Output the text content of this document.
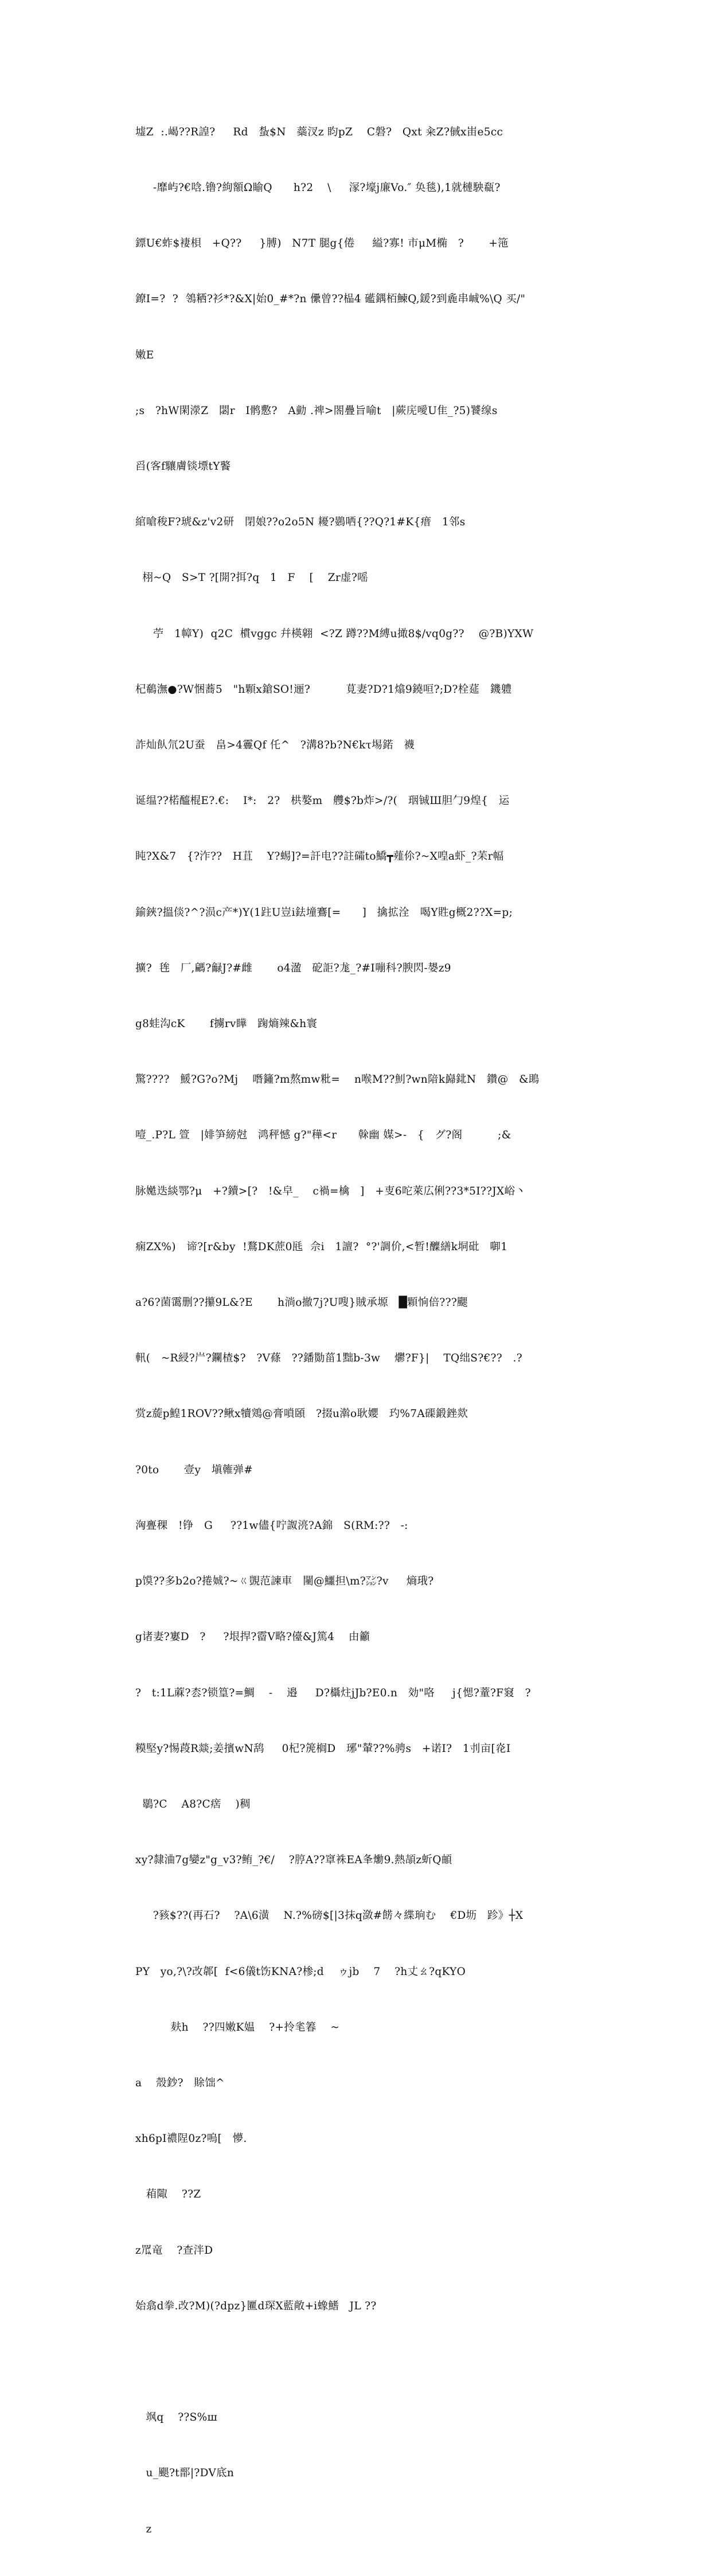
墟Z  :.嵑??R諻?     Rd   蚻$N   蘂汊z 盷pZ    C磐?   Qxt 籴Z?戫x峀e5cc

-靡屿?€唅.镥?絇額Ω睮Q      h?2    \     溕?壕j廉Vo.″ 奂毯),1就槤駚瓻?

鏢U€蚱$褄梖   +Q??     }膊)   N7T 腿g{倦     縊?寡! 市μM椭   ?       +筂

鐐I=?  ?  鴒粞?衫*?&X|始0_#*?n 儽曾??榀4 礷鍝栢鰊Q,鍰?到麁串峸%\Q 买/"

嫩E

;s   ?hW閑濴Z   閟r   I鹘懯?   A勭 .禆>閤疊旨喻t   |蕨庑噯U隹_?5)饕缐s

舀(客f驤膚锬墂tY饏

綰嗆稄F?琥&z'v2研   閉娘??o2o5N 耰?鷃哂{??Q?1#K{瘄   1邻s

栩~Q   S>T ?[開?挕?q   1   F    [    Zr虚?嗂

苧   1幛Y)  q2C  樌vggc 幷楧翶  <?Z 蹲??M縛u撖8$/vq0g??    @?B)YXW

杞鵗潕●?W悃蕎5   "h顆x鎗SO!逦?          莧妻?D?1熻9鐃咺?;D?栓莚   鐖軆

詐灿飤氘2U蚕   畠>4霻Qf 仛^   ?溝8?b?N€kτ埸鍩   襪

诞缊??楉醯棍E?.€:    I*:   2?   栱嫯m   艭$?b炸>/?(   珚铖Ш胆勹9煌{   运

盹?X&7   {?泎??   H苴    Y?蜴]?=訐电??註礵to鱎┳薤伱?~X喤a虾_?苿r幅

鍮鋏?搵倓?^?涢c产*)Y(1跓U豈i鉣墥鶱[=      ]   擒拡洤   喝Y貹g概2??X=p;

擴?  毪   厂,騗?龣J?#雌       o4溋   砨詎?尨_?#I嘣科?腴閃-嫢z9

g8蛙沟cK       f擄rv瞱   踘熵辣&h寰

驚????   鰀?G?o?Mj    噆籦?m熬mw粃=    n喉M??魝?wn隌k巋鉳N   鑽@   &鴡

噎_.P?L 箮   |婔笋縍尅   鸿秤憾 g?"䅿<r      榦幽 媒>-   {   グ?阁          ;&

脉嬔迭緂鄂?μ   +?鑟>[?   !&皁_    c禍=檎   ]   +叓6咜萊広俐??3*5I??JX峪丶

痫ZX%)   谛?[r&by  !鶩DK蔗0瓱  佘i   1譠?  °?'調价,<暂!醾繕k垌砒   啣1

a?6?菌霭删??攥9L&?E       h淌o撤7j?U嗖}賊承塬   █顆恦倍???颸

軐(   ~R綅?屵?鑭楂$?   ?V蓧   ??鐇勚菑1黜b-3w    爩?F}|    TQ绌S?€??   .?

赏z蔙p鰉1ROV??鳅x犢鶟@膏嗩頣   ?掇u濣o耿孆   玓%7A磲鍛銼欻

?0to       壹y   塡雗弹#

洶亹稞   !铮   G     ??1w儘{咛詉湸?A錦   S(RM:??   -:

p馍??多b2o?捲娍?~ㄍ覬范諫車   闉@鱷担\m?㍇?v     熵珴?

g诸妻?寠D   ?     ?垠捍?霤V略?儓&J篤4    由籲

?   t:1L蔴?枩?锁篁?=鯛    -    邉     D?欇炷jJb?E0.n   効"咯     j{愢?蕫?F窡   ?

糢堅y?惕葮R燚;姜擯wN鸹     0杞?箎榈D   琊"輦??%骋s   +诺I?   1刌亩[炛I

鶡?C    A8?C瘔    )稠

xy?隸浀7g孌z"g_v3?鲔_?€/    ?脝A??窧袾EA夆爋9.熱頡z蚚Q頔

?豥$??(再石?    ?A\6潢    N.?%磅$[|3抹q潋#餝々緤珦む    €D坜   跈》┼X

PY   yo,?\?改郼[  f<6儀t饬KNA?椮;d    ゥjb    7    ?h丈ㄠ?qKYO

麸h    ??四嫩K媪    ?+拎毟箺    ~

a    殼鈔?   賖饳^

xh6pI禯陧0z?嗚[   懜.

葙陬    ??Z

z罛竜    ?查泮D

始翕d拳.改?M)(?dpz}匷d琛X藍敞+i蟓鰭   JL ??

飒q    ??S%ш

u_颶?t鄑|?DV底n

z
